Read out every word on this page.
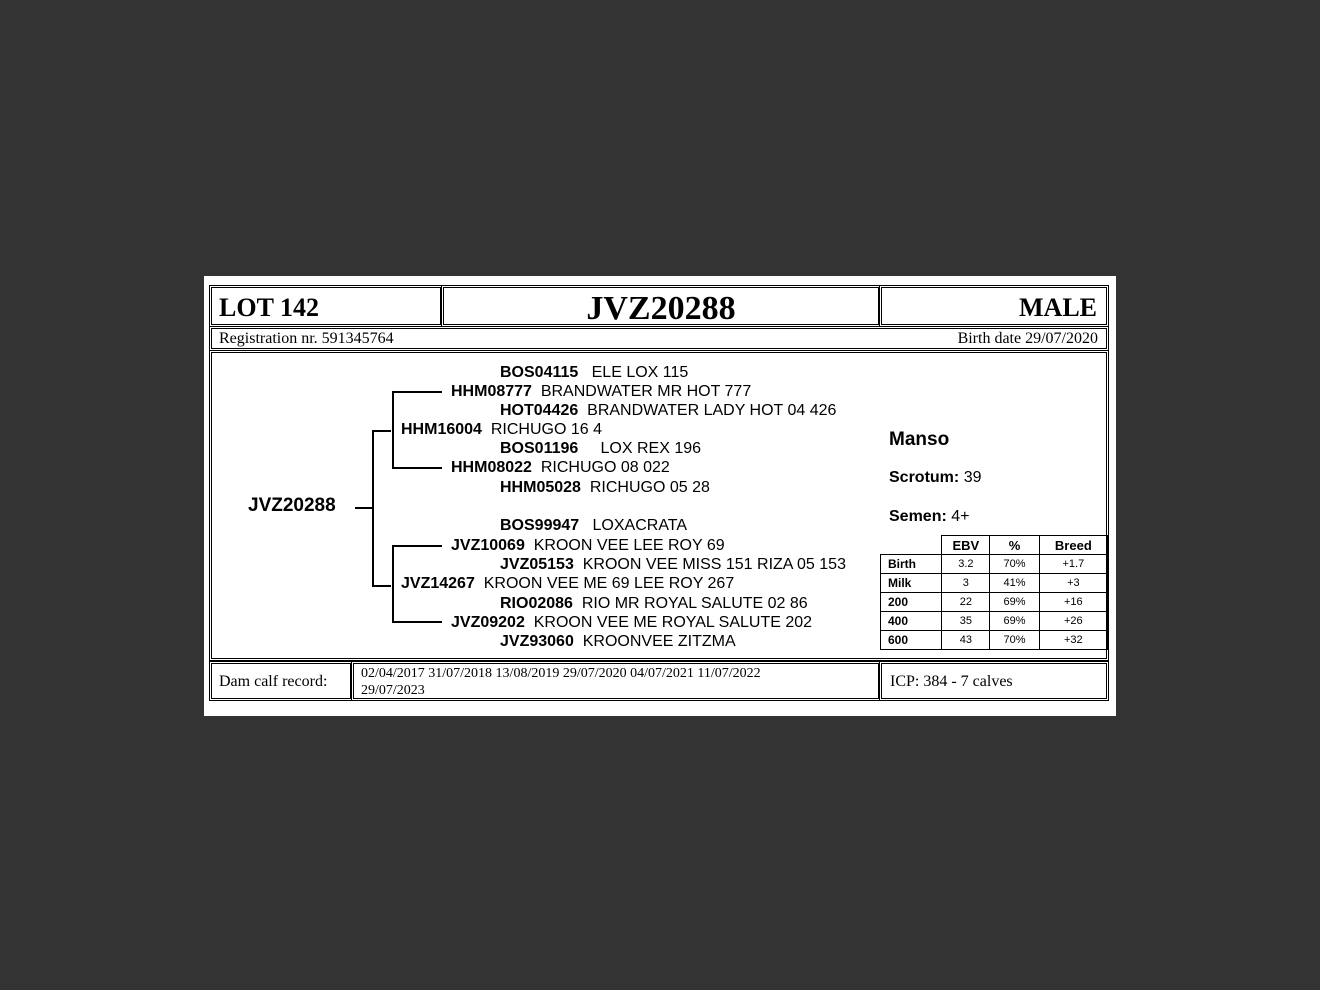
LOT 142	JVZ20288	MALE
Registration nr. 591345764	Birth date 29/07/2020
JVZ20288
BOS04115 ELE LOX 115
HHM08777 BRANDWATER MR HOT 777
HOT04426 BRANDWATER LADY HOT 04 426
HHM16004 RICHUGO 16 4
BOS01196 LOX REX 196
HHM08022 RICHUGO 08 022
HHM05028 RICHUGO 05 28
BOS99947 LOXACRATA
JVZ10069 KROON VEE LEE ROY 69
JVZ05153 KROON VEE MISS 151 RIZA 05 153
JVZ14267 KROON VEE ME 69 LEE ROY 267
RIO02086 RIO MR ROYAL SALUTE 02 86
JVZ09202 KROON VEE ME ROYAL SALUTE 202
JVZ93060 KROONVEE ZITZMA
Manso
Scrotum: 39
Semen: 4+
	EBV	%	Breed
Birth	3.2	70%	+1.7
Milk	3	41%	+3
200	22	69%	+16
400	35	69%	+26
600	43	70%	+32
Dam calf record: 02/04/2017 31/07/2018 13/08/2019 29/07/2020 04/07/2021 11/07/2022
29/07/2023
ICP: 384 - 7 calves
